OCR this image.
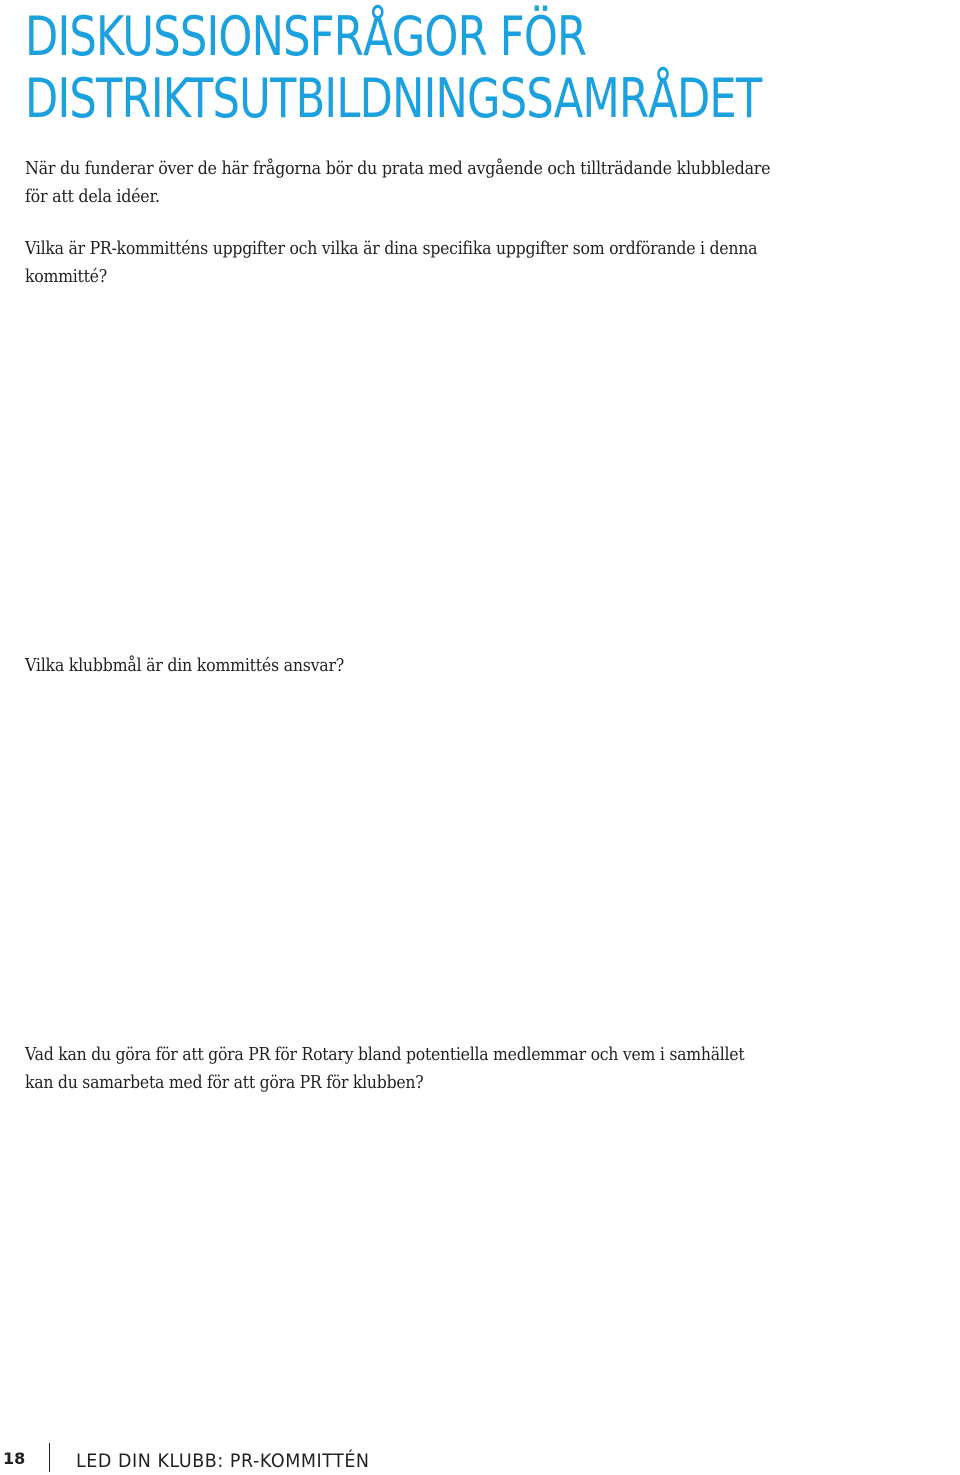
DISKUSSIONSFRÅGOR FÖR
DISTRIKTSUTBILDNINGSSAMRÅDET

När du funderar över de här frågorna bör du prata med avgående och tillträdande klubbledare
för att dela idéer.

Vilka är PR-kommitténs uppgifter och vilka är dina specifika uppgifter som ordförande i denna
kommitté?

Vilka klubbmål är din kommittés ansvar?

Vad kan du göra för att göra PR för Rotary bland potentiella medlemmar och vem i samhället
kan du samarbeta med för att göra PR för klubben?

18	LED DIN KLUBB: PR-KOMMITTÉN
